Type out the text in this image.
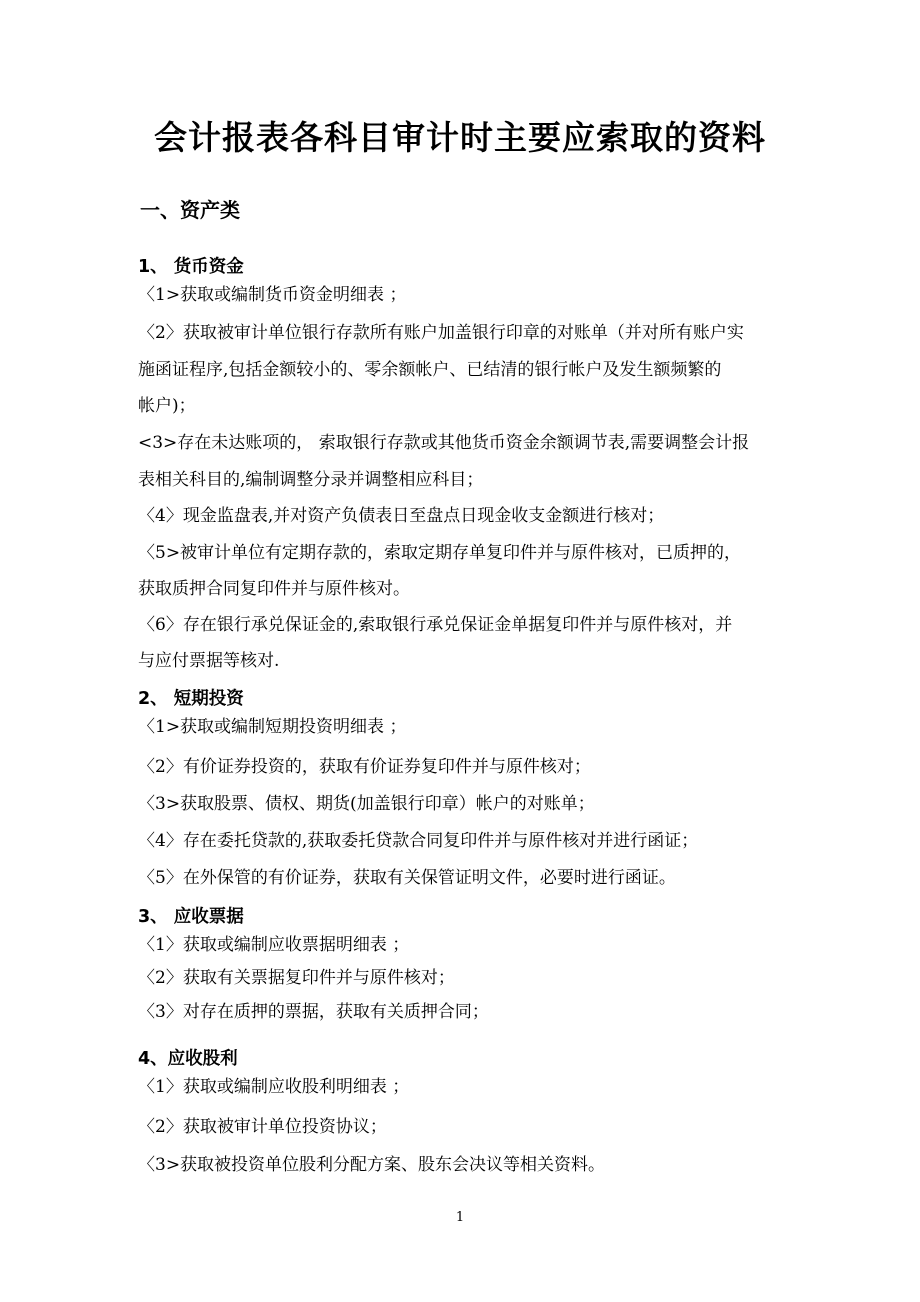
会计报表各科目审计时主要应索取的资料
一、资产类
1、 货币资金
〈1>获取或编制货币资金明细表 ；
〈2〉获取被审计单位银行存款所有账户加盖银行印章的对账单（并对所有账户实
施函证程序,包括金额较小的、零余额帐户、已结清的银行帐户及发生额频繁的
帐户)；
<3>存在未达账项的， 索取银行存款或其他货币资金余额调节表,需要调整会计报
表相关科目的,编制调整分录并调整相应科目；
〈4〉现金监盘表,并对资产负债表日至盘点日现金收支金额进行核对；
〈5>被审计单位有定期存款的，索取定期存单复印件并与原件核对，已质押的，
获取质押合同复印件并与原件核对。
〈6〉存在银行承兑保证金的,索取银行承兑保证金单据复印件并与原件核对，并
与应付票据等核对.
2、 短期投资
〈1>获取或编制短期投资明细表 ；
〈2〉有价证券投资的，获取有价证券复印件并与原件核对；
〈3>获取股票、债权、期货(加盖银行印章）帐户的对账单；
〈4〉存在委托贷款的,获取委托贷款合同复印件并与原件核对并进行函证；
〈5〉在外保管的有价证券，获取有关保管证明文件，必要时进行函证。
3、 应收票据
〈1〉获取或编制应收票据明细表 ；
〈2〉获取有关票据复印件并与原件核对；
〈3〉对存在质押的票据，获取有关质押合同；
4、应收股利
〈1〉获取或编制应收股利明细表 ；
〈2〉获取被审计单位投资协议；
〈3>获取被投资单位股利分配方案、股东会决议等相关资料。
1
